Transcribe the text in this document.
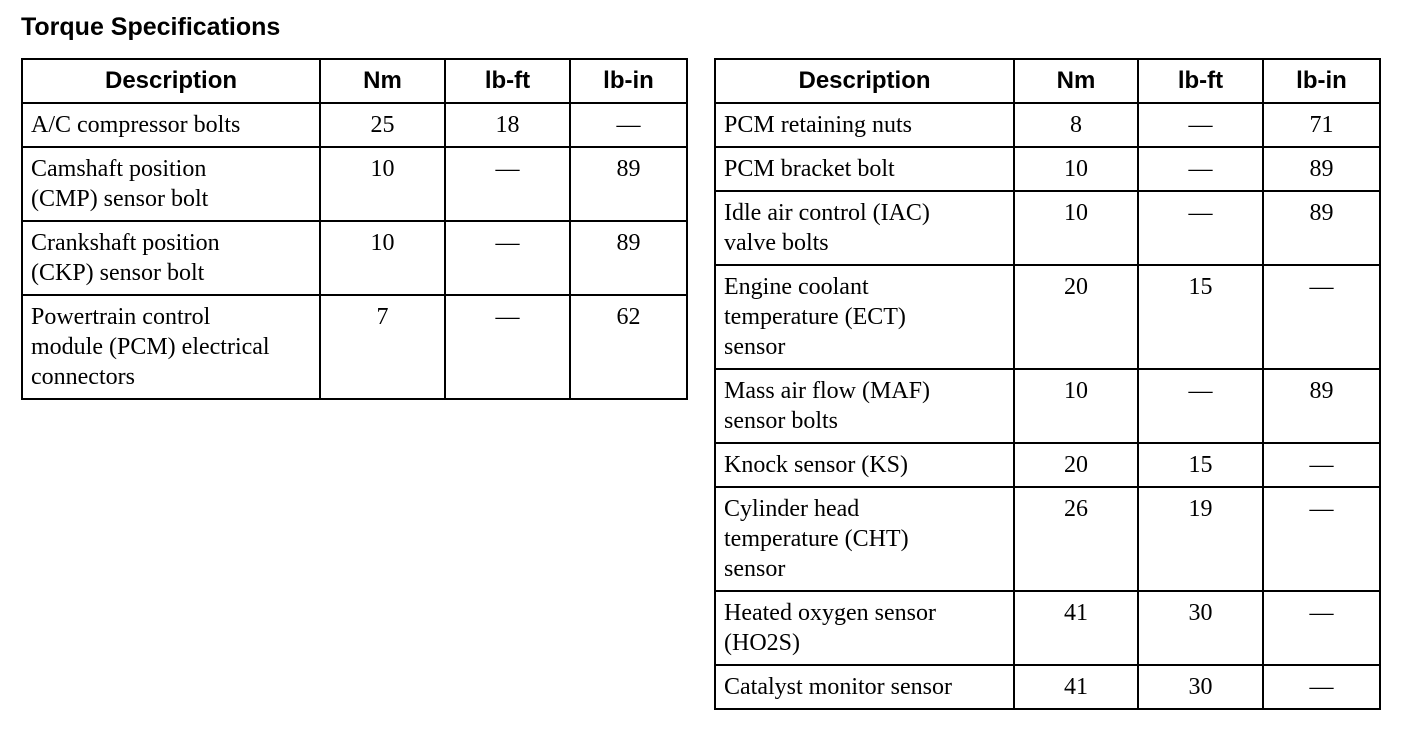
Torque Specifications
Description	Nm	lb-ft	lb-in
A/C compressor bolts	25	18	—

Camshaft position (CMP) sensor bolt	10	—	89

Crankshaft position (CKP) sensor bolt	10	—	89

Powertrain control module (PCM) electrical connectors	7	—	62
Description	Nm	lb-ft	lb-in
PCM retaining nuts	8	—	71
PCM bracket bolt	10	—	89

Idle air control (IAC) valve bolts	10	—	89

Engine coolant temperature (ECT) sensor	20	15	—

Mass air flow (MAF) sensor bolts	10	—	89
Knock sensor (KS)	20	15	—

Cylinder head temperature (CHT) sensor	26	19	—

Heated oxygen sensor (HO2S)	41	30	—
Catalyst monitor sensor	41	30	—
